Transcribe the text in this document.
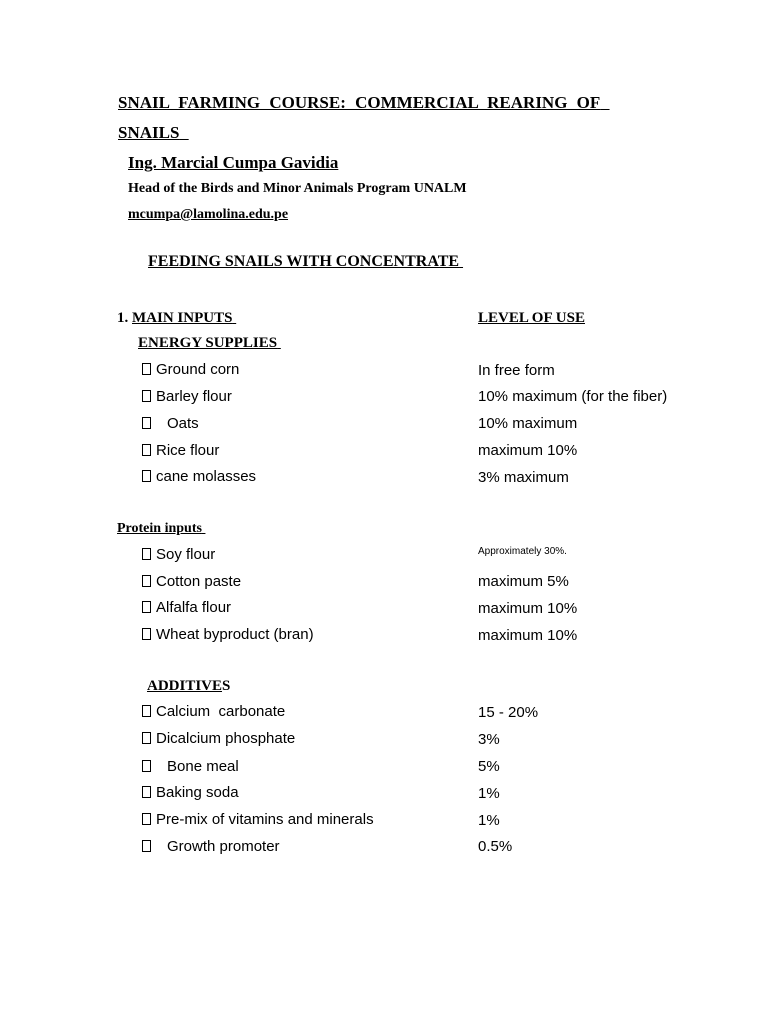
SNAIL FARMING COURSE: COMMERCIAL REARING OF
SNAILS
Ing. Marcial Cumpa Gavidia
Head of the Birds and Minor Animals Program UNALM
mcumpa@lamolina.edu.pe
FEEDING SNAILS WITH CONCENTRATE
1. MAIN INPUTS	LEVEL OF USE
ENERGY SUPPLIES
Ground corn	In free form
Barley flour	10% maximum (for the fiber)
Oats	10% maximum
Rice flour	maximum 10%
cane molasses	3% maximum
Protein inputs
Soy flour	Approximately 30%.
Cotton paste	maximum 5%
Alfalfa flour	maximum 10%
Wheat byproduct (bran)	maximum 10%
ADDITIVES
Calcium  carbonate	15 - 20%
Dicalcium phosphate	3%
Bone meal	5%
Baking soda	1%
Pre-mix of vitamins and minerals	1%
Growth promoter	0.5%
